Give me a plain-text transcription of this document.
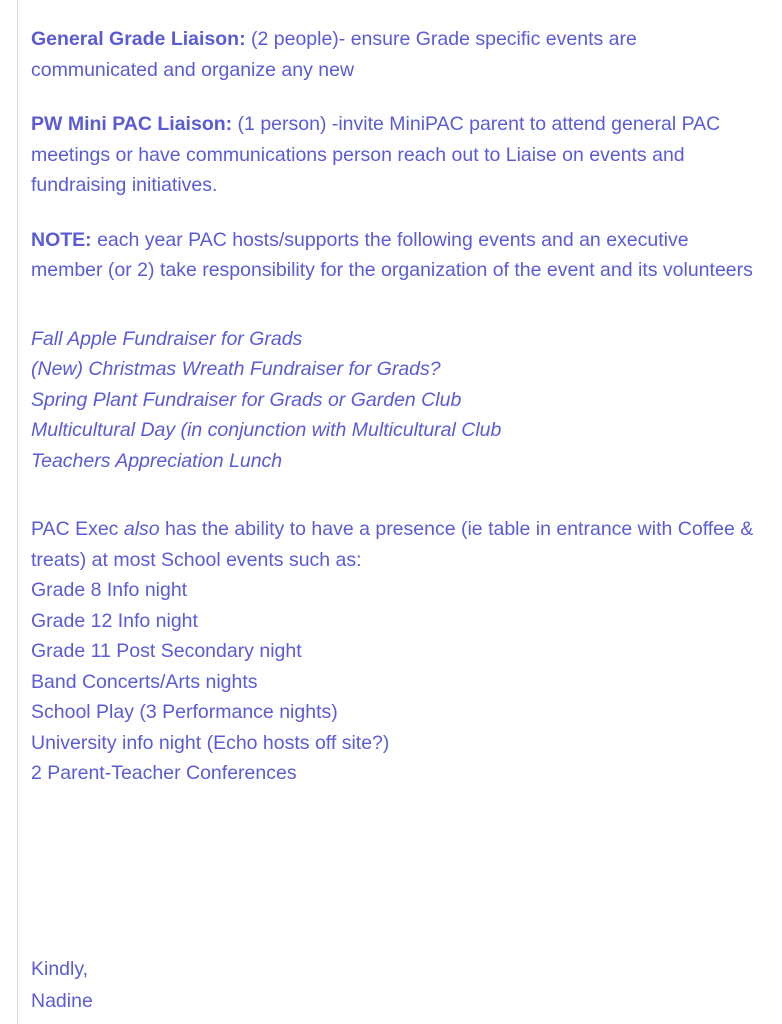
General Grade Liaison: (2 people)- ensure Grade specific events are communicated and organize any new

PW Mini PAC Liaison: (1 person) -invite MiniPAC parent to attend general PAC meetings or have communications person reach out to Liaise on events and fundraising initiatives.

NOTE: each year PAC hosts/supports the following events and an executive member (or 2) take responsibility for the organization of the event and its volunteers

Fall Apple Fundraiser for Grads
(New) Christmas Wreath Fundraiser for Grads?
Spring Plant Fundraiser for Grads or Garden Club
Multicultural Day (in conjunction with Multicultural Club
Teachers Appreciation Lunch

PAC Exec also has the ability to have a presence (ie table in entrance with Coffee & treats) at most School events such as:

Grade 8 Info night
Grade 12 Info night
Grade 11 Post Secondary night
Band Concerts/Arts nights
School Play (3 Performance nights)
University info night (Echo hosts off site?)
2 Parent-Teacher Conferences
Kindly,
Nadine
